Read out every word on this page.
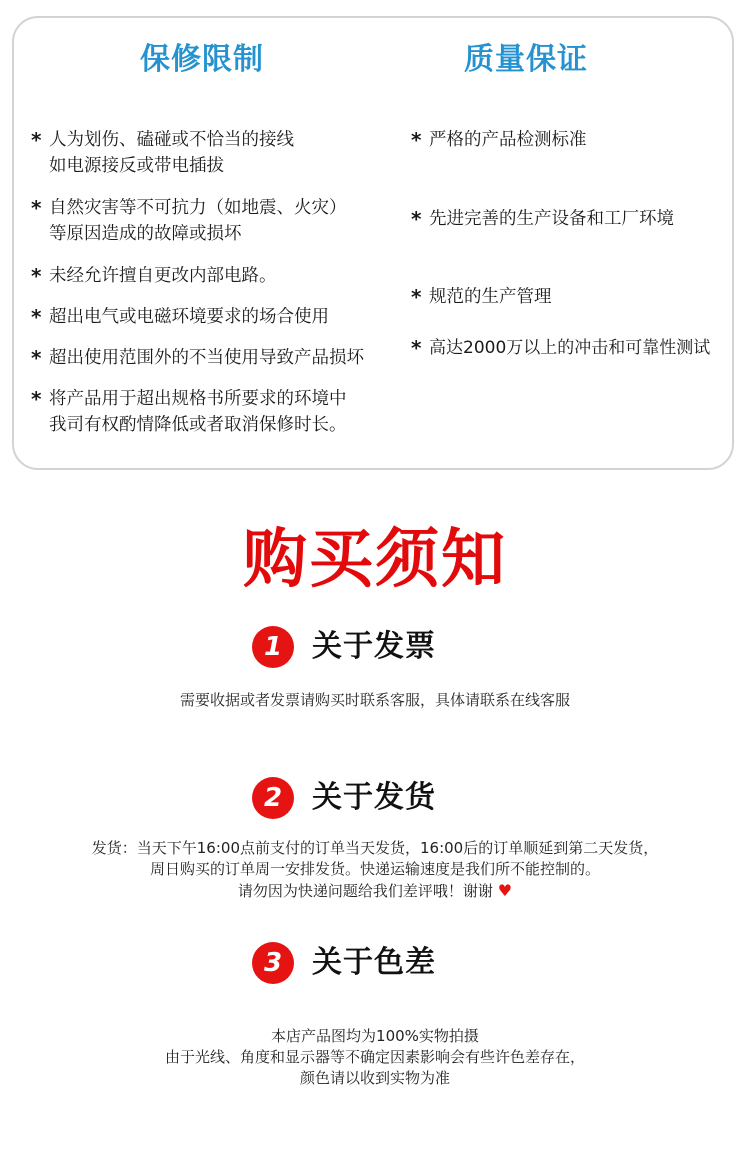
保修限制	质量保证
* 人为划伤、磕碰或不恰当的接线
如电源接反或带电插拔
* 自然灾害等不可抗力（如地震、火灾）
等原因造成的故障或损坏
* 未经允许擅自更改内部电路。
* 超出电气或电磁环境要求的场合使用
* 超出使用范围外的不当使用导致产品损坏
* 将产品用于超出规格书所要求的环境中
我司有权酌情降低或者取消保修时长。
* 严格的产品检测标准
* 先进完善的生产设备和工厂环境
* 规范的生产管理
* 高达2000万以上的冲击和可靠性测试
购买须知
1 关于发票
需要收据或者发票请购买时联系客服，具体请联系在线客服
2 关于发货
发货：当天下午16:00点前支付的订单当天发货，16:00后的订单顺延到第二天发货，
周日购买的订单周一安排发货。快递运输速度是我们所不能控制的。
请勿因为快递问题给我们差评哦！谢谢 ♥
3 关于色差
本店产品图均为100%实物拍摄
由于光线、角度和显示器等不确定因素影响会有些许色差存在，
颜色请以收到实物为准
